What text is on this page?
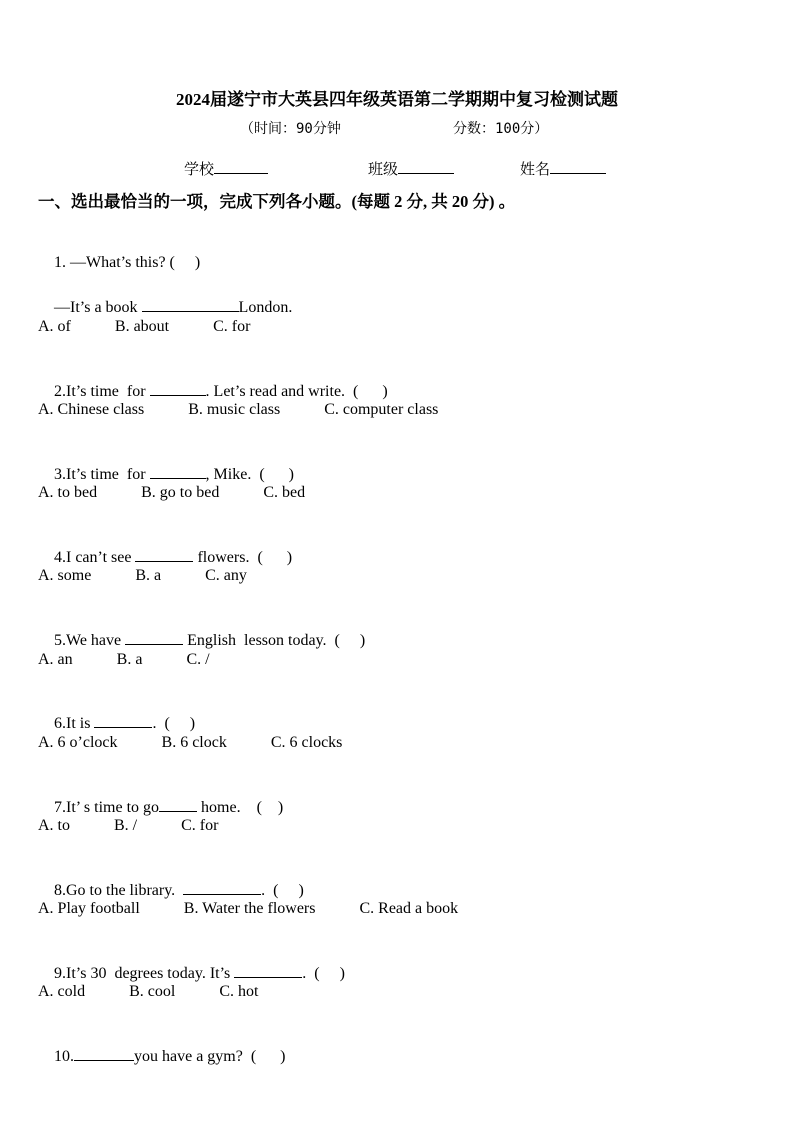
2024届遂宁市大英县四年级英语第二学期期中复习检测试题
（时间：90分钟	分数：100分）
学校	班级	姓名
一、选出最恰当的一项，完成下列各小题。(每题 2 分, 共 20 分) 。

1. —What’s this? (     )

—It’s a book	London.

A. of	B. about	C. for

2.It’s time  for	. Let’s read and write.  (      )

A. Chinese class	B. music class	C. computer class

3.It’s time  for	, Mike.  (      )

A. to bed	B. go to bed	C. bed

4.I can’t see	flowers.  (      )

A. some	B. a	C. any

5.We have	English  lesson today.  (     )

A. an	B. a	C. /

6.It is	.  (     )

A. 6 o’clock	B. 6 clock	C. 6 clocks

7.It’ s time to go home.    (    )

A. to	B. /	C. for

8.Go to the library.	.  (     )

A. Play football	B. Water the flowers	C. Read a book

9.It’s 30  degrees today. It’s	.  (     )

A. cold	B. cool	C. hot

10.	you have a gym?  (      )
